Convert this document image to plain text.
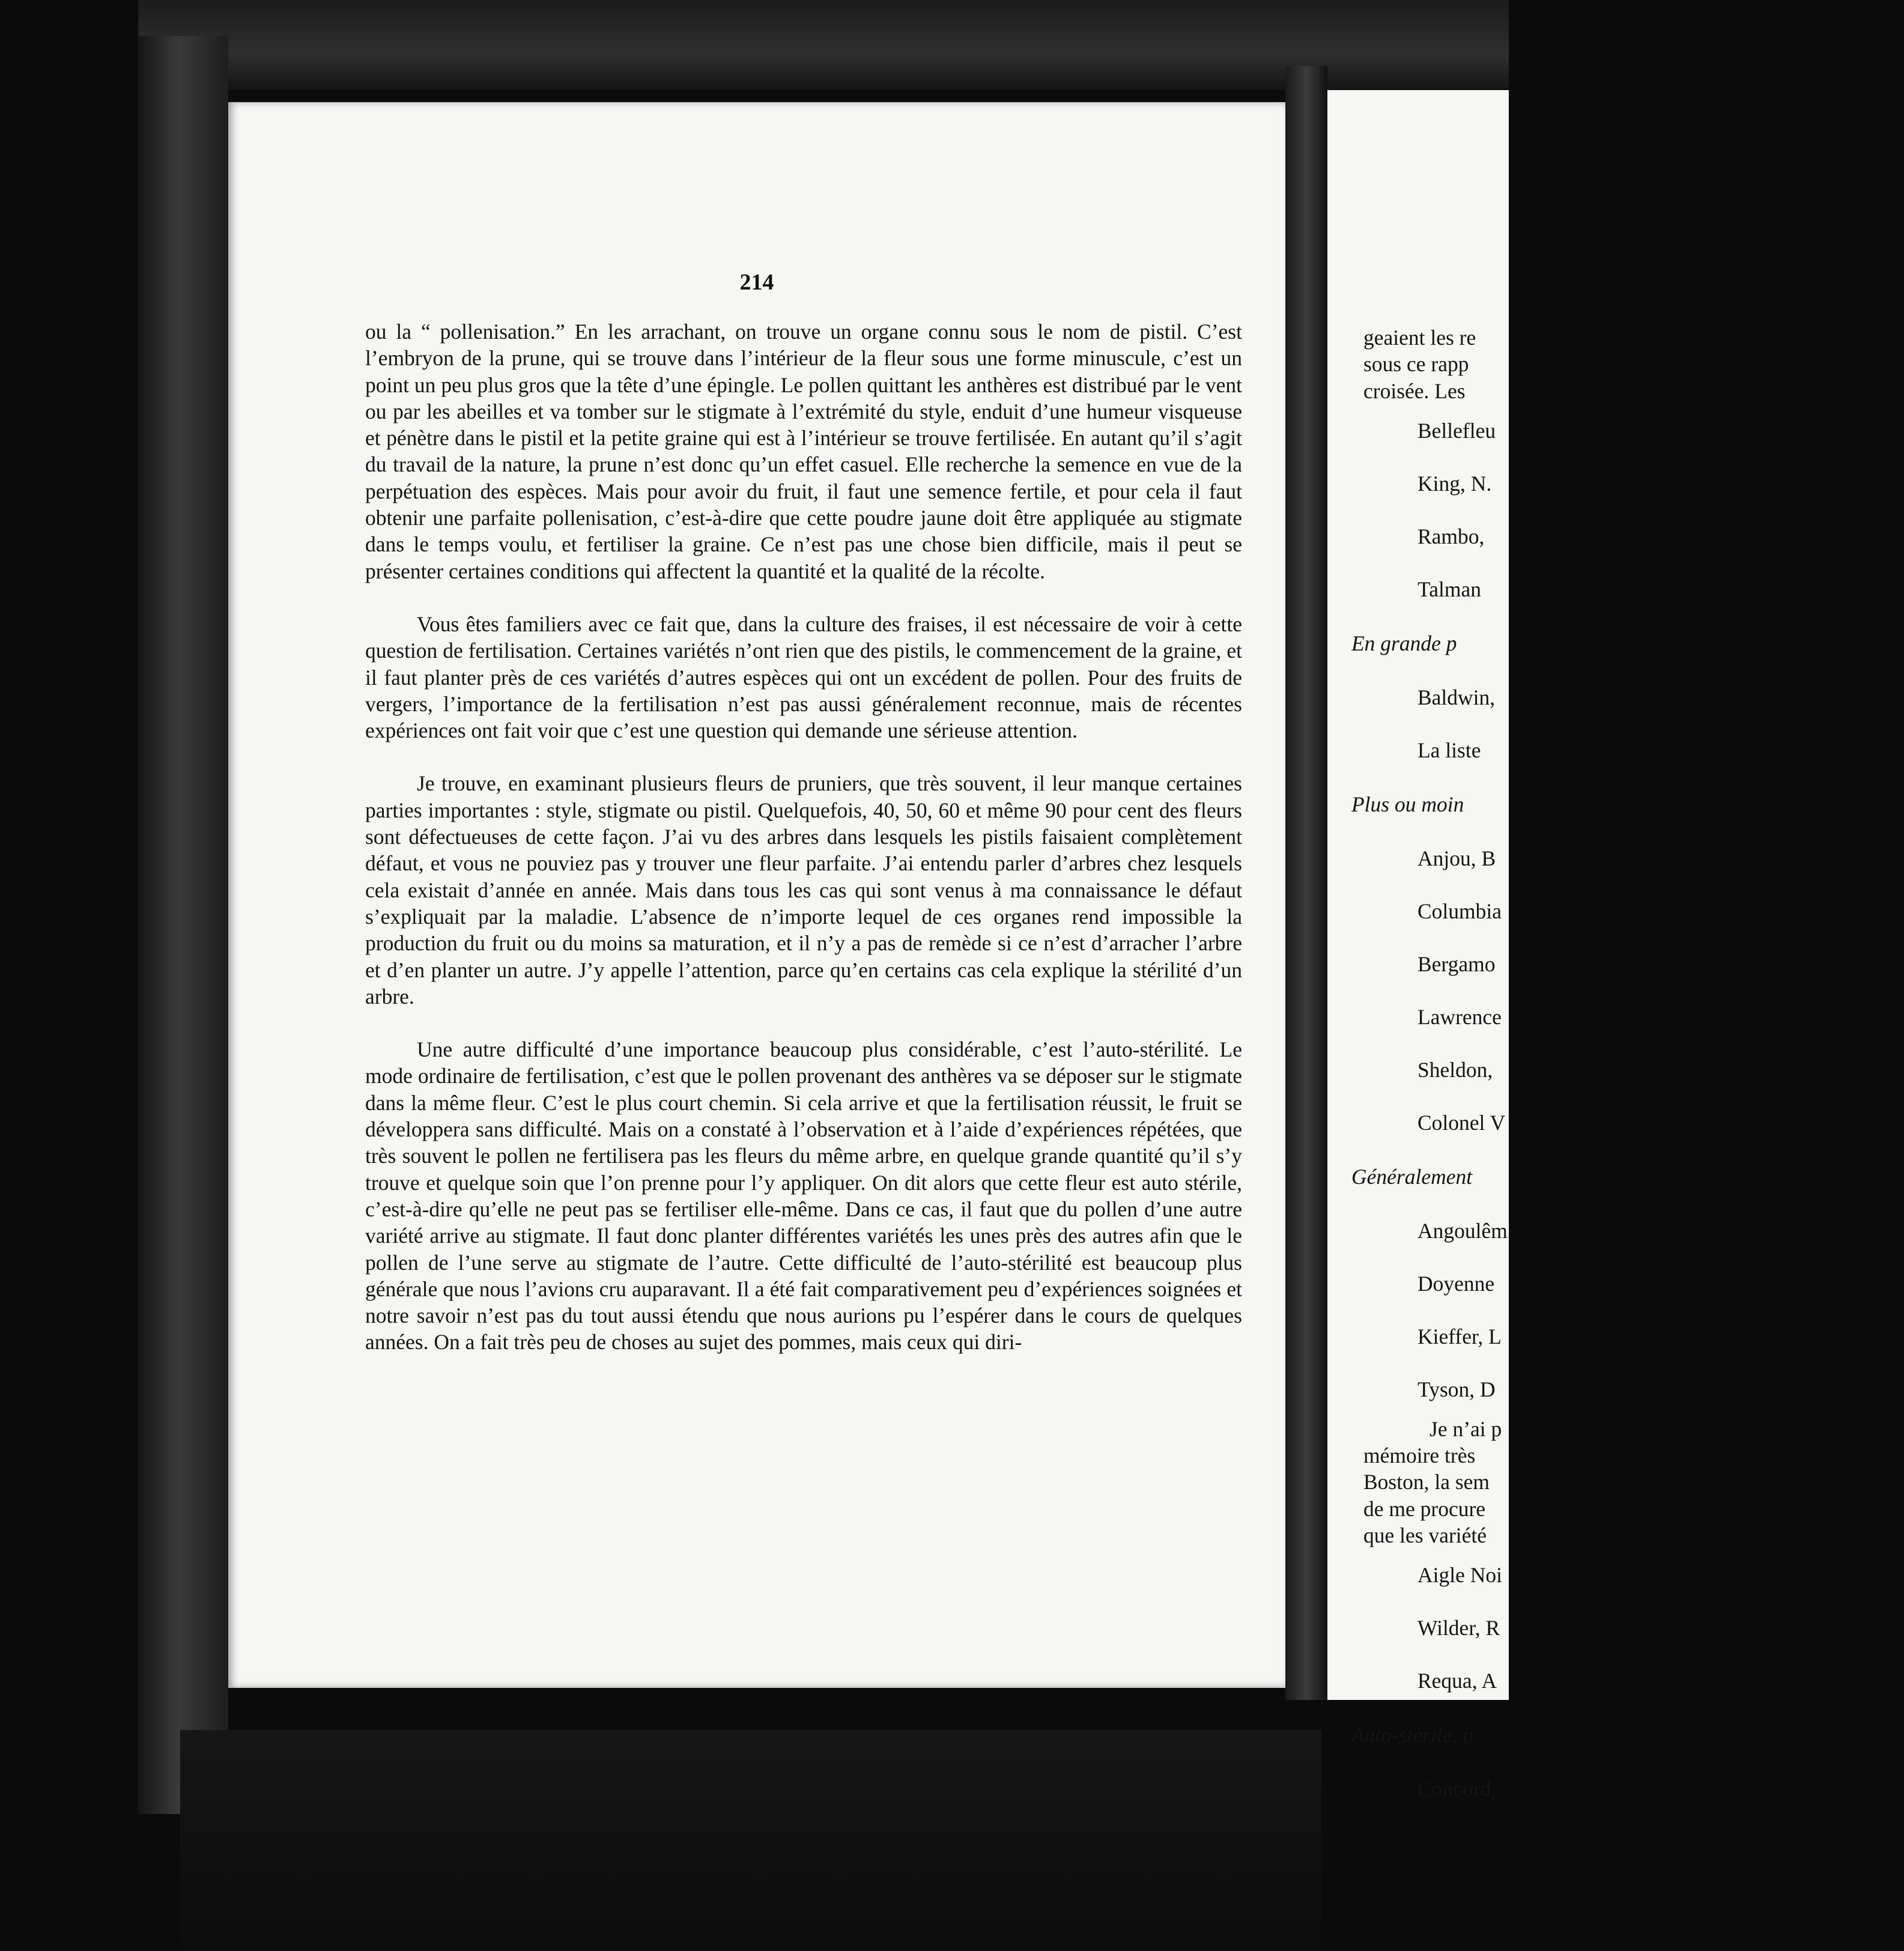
214

ou la “ pollenisation.” En les arrachant, on trouve un organe connu sous le nom de pistil. C’est l’embryon de la prune, qui se trouve dans l’intérieur de la fleur sous une forme minuscule, c’est un point un peu plus gros que la tête d’une épingle. Le pollen quittant les anthères est distribué par le vent ou par les abeilles et va tomber sur le stigmate à l’extrémité du style, enduit d’une humeur visqueuse et pénètre dans le pistil et la petite graine qui est à l’intérieur se trouve fertilisée. En autant qu’il s’agit du travail de la nature, la prune n’est donc qu’un effet casuel. Elle recherche la semence en vue de la perpétuation des espèces. Mais pour avoir du fruit, il faut une semence fertile, et pour cela il faut obtenir une parfaite pollenisation, c’est-à-dire que cette poudre jaune doit être appliquée au stigmate dans le temps voulu, et fertiliser la graine. Ce n’est pas une chose bien difficile, mais il peut se présenter certaines conditions qui affectent la quantité et la qualité de la récolte.

Vous êtes familiers avec ce fait que, dans la culture des fraises, il est nécessaire de voir à cette question de fertilisation. Certaines variétés n’ont rien que des pistils, le commencement de la graine, et il faut planter près de ces variétés d’autres espèces qui ont un excédent de pollen. Pour des fruits de vergers, l’importance de la fertilisation n’est pas aussi généralement reconnue, mais de récentes expériences ont fait voir que c’est une question qui demande une sérieuse attention.

Je trouve, en examinant plusieurs fleurs de pruniers, que très souvent, il leur manque certaines parties importantes : style, stigmate ou pistil. Quelquefois, 40, 50, 60 et même 90 pour cent des fleurs sont défectueuses de cette façon. J’ai vu des arbres dans lesquels les pistils faisaient complètement défaut, et vous ne pouviez pas y trouver une fleur parfaite. J’ai entendu parler d’arbres chez lesquels cela existait d’année en année. Mais dans tous les cas qui sont venus à ma connaissance le défaut s’expliquait par la maladie. L’absence de n’importe lequel de ces organes rend impossible la production du fruit ou du moins sa maturation, et il n’y a pas de remède si ce n’est d’arracher l’arbre et d’en planter un autre. J’y appelle l’attention, parce qu’en certains cas cela explique la stérilité d’un arbre.

Une autre difficulté d’une importance beaucoup plus considérable, c’est l’auto-stérilité. Le mode ordinaire de fertilisation, c’est que le pollen provenant des anthères va se déposer sur le stigmate dans la même fleur. C’est le plus court chemin. Si cela arrive et que la fertilisation réussit, le fruit se développera sans difficulté. Mais on a constaté à l’observation et à l’aide d’expériences répétées, que très souvent le pollen ne fertilisera pas les fleurs du même arbre, en quelque grande quantité qu’il s’y trouve et quelque soin que l’on prenne pour l’y appliquer. On dit alors que cette fleur est auto stérile, c’est-à-dire qu’elle ne peut pas se fertiliser elle-même. Dans ce cas, il faut que du pollen d’une autre variété arrive au stigmate. Il faut donc planter différentes variétés les unes près des autres afin que le pollen de l’une serve au stigmate de l’autre. Cette difficulté de l’auto-stérilité est beaucoup plus générale que nous l’avions cru auparavant. Il a été fait comparativement peu d’expériences soignées et notre savoir n’est pas du tout aussi étendu que nous aurions pu l’espérer dans le cours de quelques années. On a fait très peu de choses au sujet des pommes, mais ceux qui diri-

geaient les re
sous ce rapp
croisée. Les
Bellefleu
King, N.
Rambo,
Talman
En grande p
Baldwin,
La liste
Plus ou moin
Anjou, B
Columbia
Bergamo
Lawrence
Sheldon,
Colonel V
Généralement
Angoulêm
Doyenne
Kieffer, L
Tyson, D
Je n’ai p
mémoire très
Boston, la sem
de me procure
que les variété
Aigle Noi
Wilder, R
Requa, A
Auto-stérile, p
Concord,
